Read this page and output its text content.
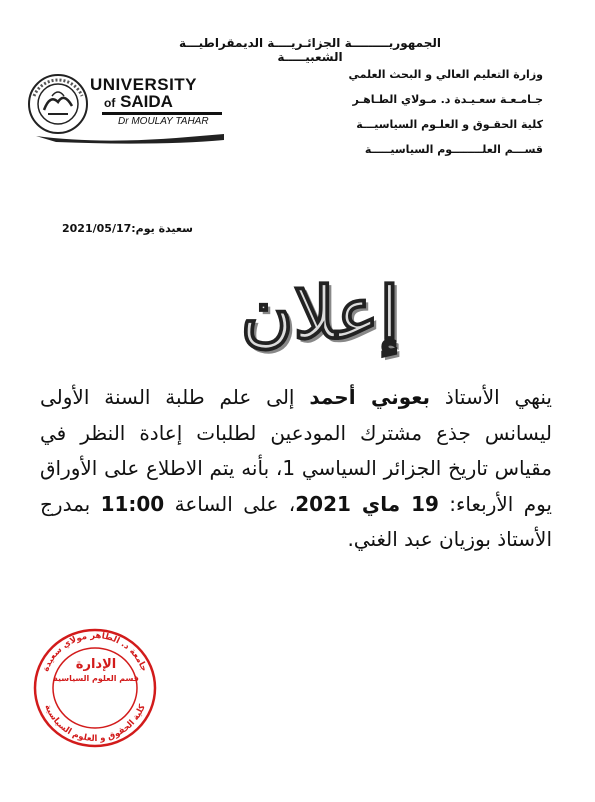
الجمهوريـــــــــة الجزائـريــــة الديمقراطيـــة الشعبيـــــة
وزارة التعليم العالي و البحث العلمي
جـامـعـة سعـيـدة د. مـولاي الطـاهـر
كلية الحقـوق و العلـوم السياسيـــة
قســـم العلــــــــوم السياسيـــــة
UNIVERSITY
of SAIDA
Dr MOULAY TAHAR
سعيدة يوم:2021/05/17
إعلان
ينهي الأستاذ بعوني أحمد إلى علم طلبة السنة الأولى ليسانس جذع مشترك المودعين لطلبات إعادة النظر في مقياس تاريخ الجزائر السياسي 1، بأنه يتم الاطلاع على الأوراق يوم الأربعاء: 19 ماي 2021، على الساعة 11:00 بمدرج الأستاذ بوزيان عبد الغني.
جامعة د. الطاهر مولاي سعيدة
كلية الحقوق و العلوم السياسية
الإدارة
قسم العلوم السياسية
